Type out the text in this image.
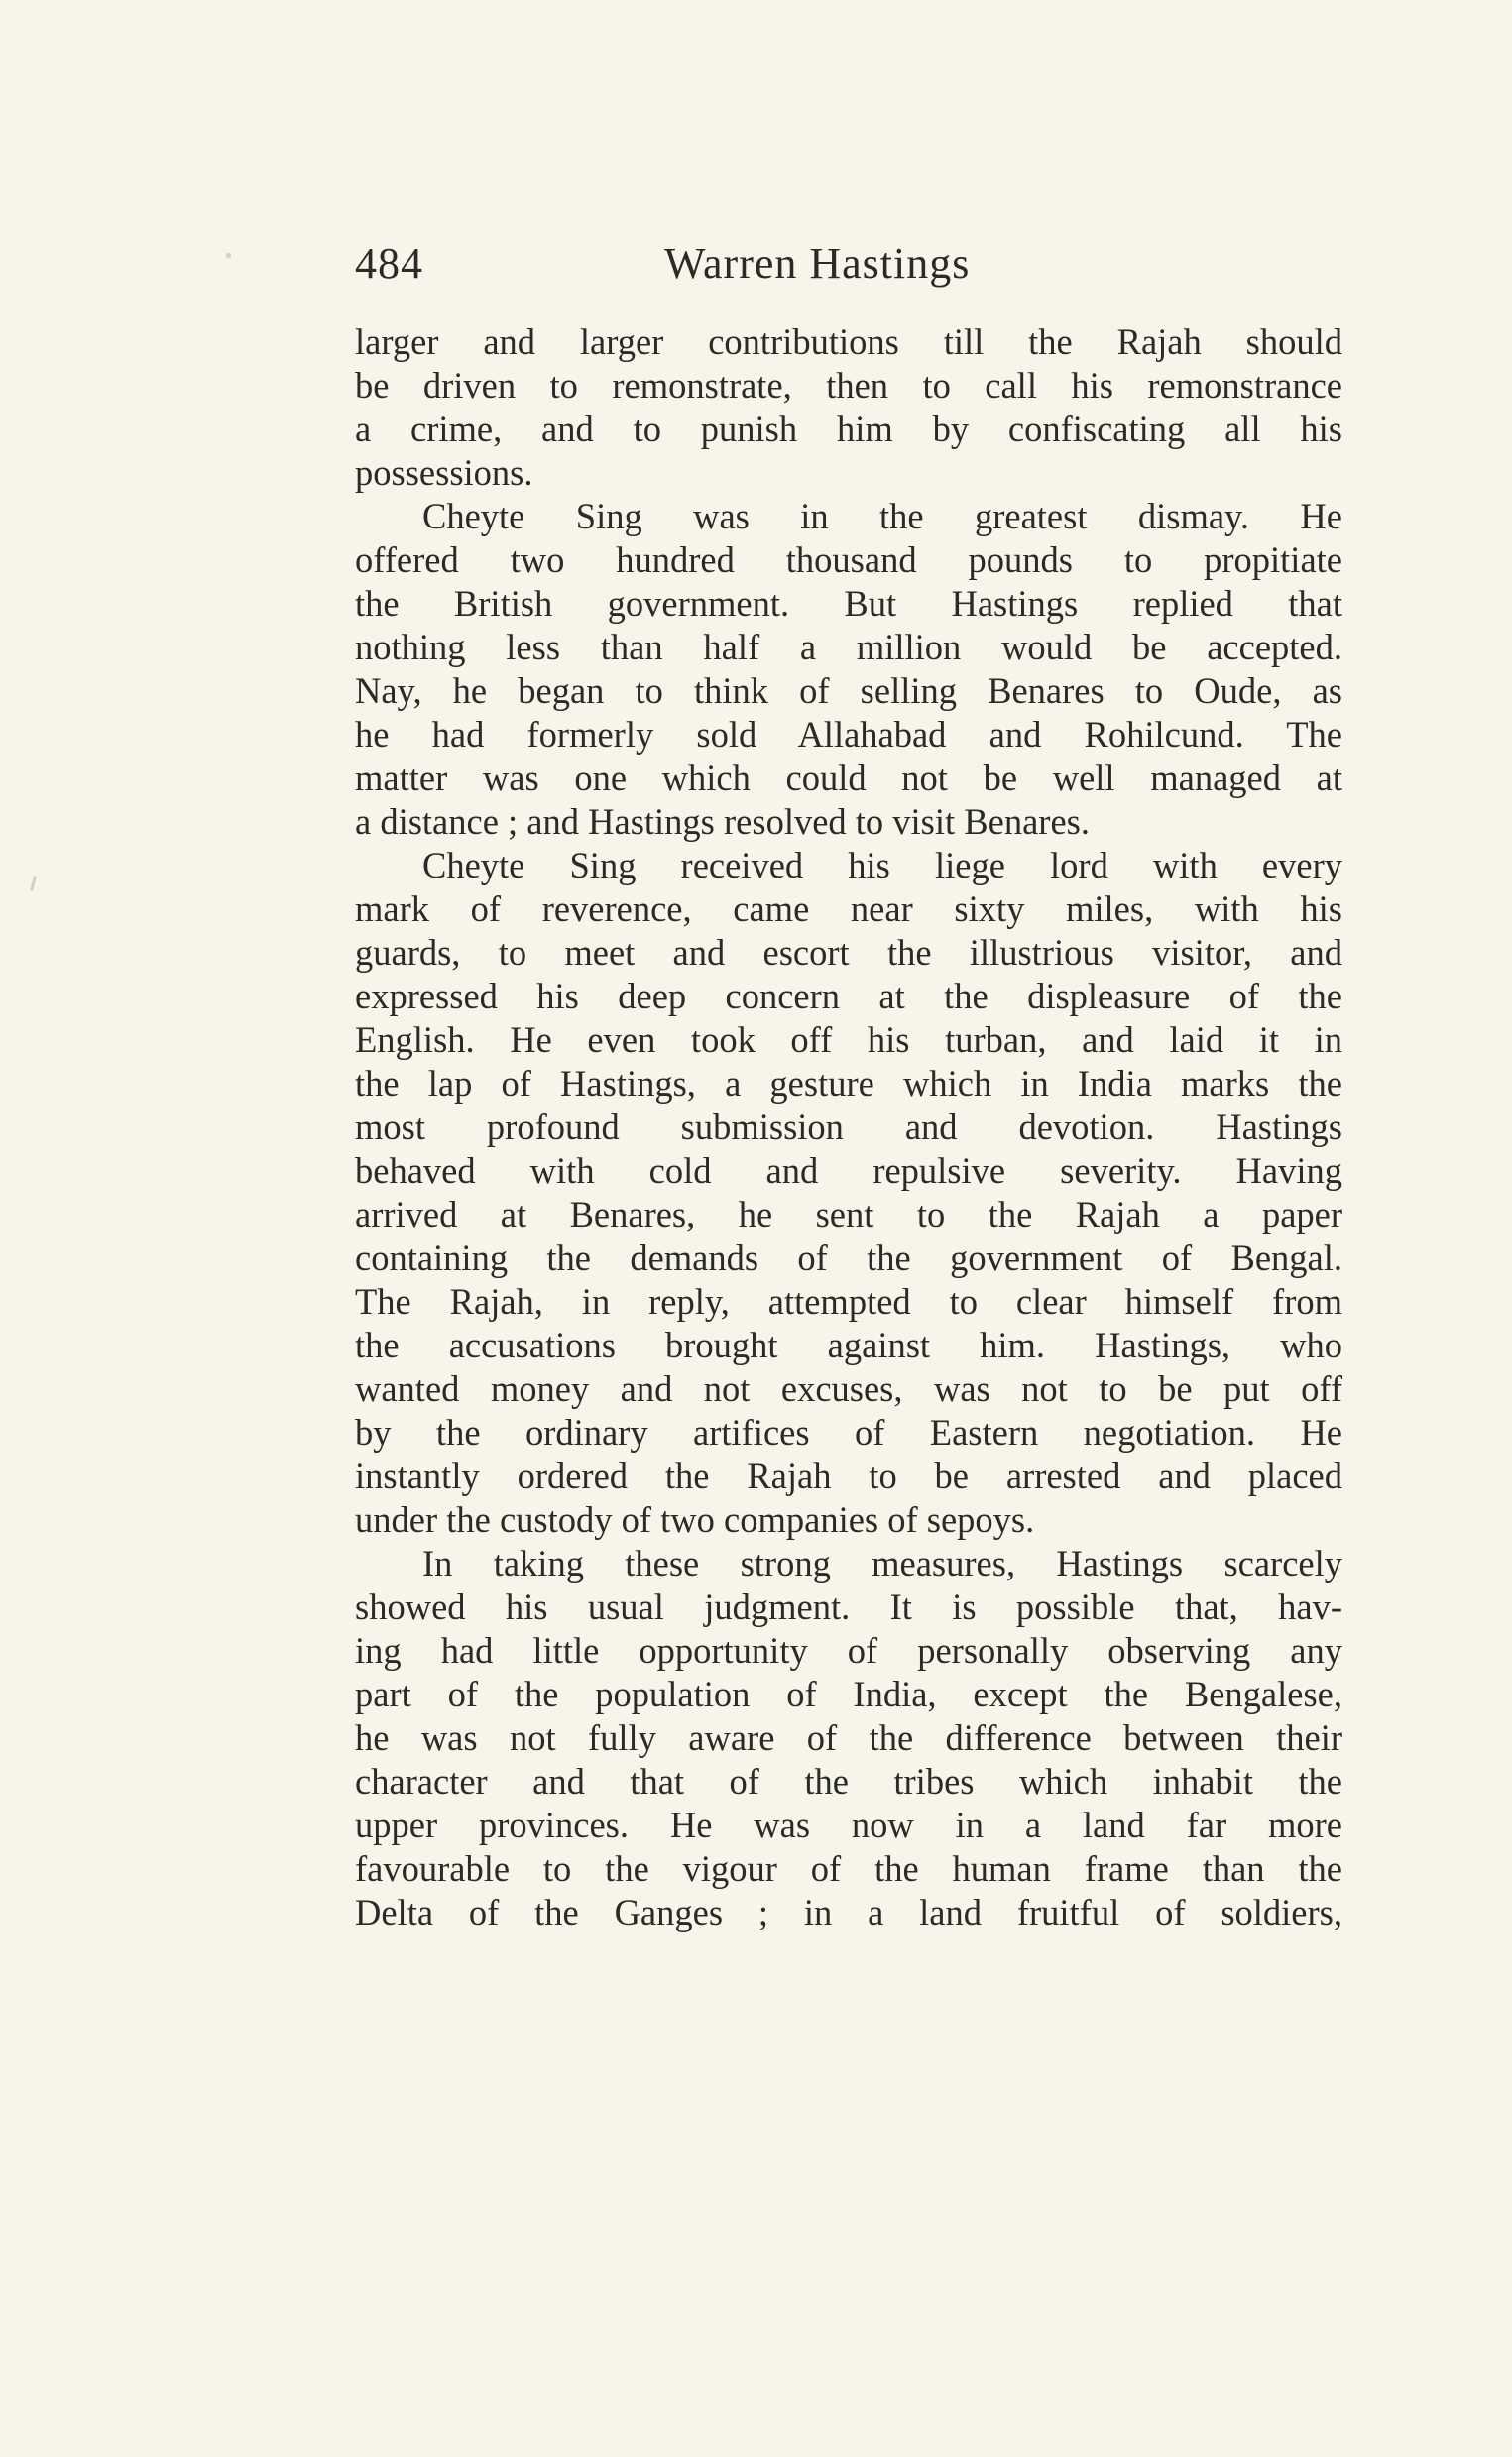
484	Warren Hastings
larger and larger contributions till the Rajah should
be driven to remonstrate, then to call his remonstrance
a crime, and to punish him by confiscating all his
possessions.
Cheyte Sing was in the greatest dismay. He
offered two hundred thousand pounds to propitiate
the British government. But Hastings replied that
nothing less than half a million would be accepted.
Nay, he began to think of selling Benares to Oude, as
he had formerly sold Allahabad and Rohilcund. The
matter was one which could not be well managed at
a distance ; and Hastings resolved to visit Benares.
Cheyte Sing received his liege lord with every
mark of reverence, came near sixty miles, with his
guards, to meet and escort the illustrious visitor, and
expressed his deep concern at the displeasure of the
English. He even took off his turban, and laid it in
the lap of Hastings, a gesture which in India marks the
most profound submission and devotion. Hastings
behaved with cold and repulsive severity. Having
arrived at Benares, he sent to the Rajah a paper
containing the demands of the government of Bengal.
The Rajah, in reply, attempted to clear himself from
the accusations brought against him. Hastings, who
wanted money and not excuses, was not to be put off
by the ordinary artifices of Eastern negotiation. He
instantly ordered the Rajah to be arrested and placed
under the custody of two companies of sepoys.
In taking these strong measures, Hastings scarcely
showed his usual judgment. It is possible that, hav-
ing had little opportunity of personally observing any
part of the population of India, except the Bengalese,
he was not fully aware of the difference between their
character and that of the tribes which inhabit the
upper provinces. He was now in a land far more
favourable to the vigour of the human frame than the
Delta of the Ganges ; in a land fruitful of soldiers,
